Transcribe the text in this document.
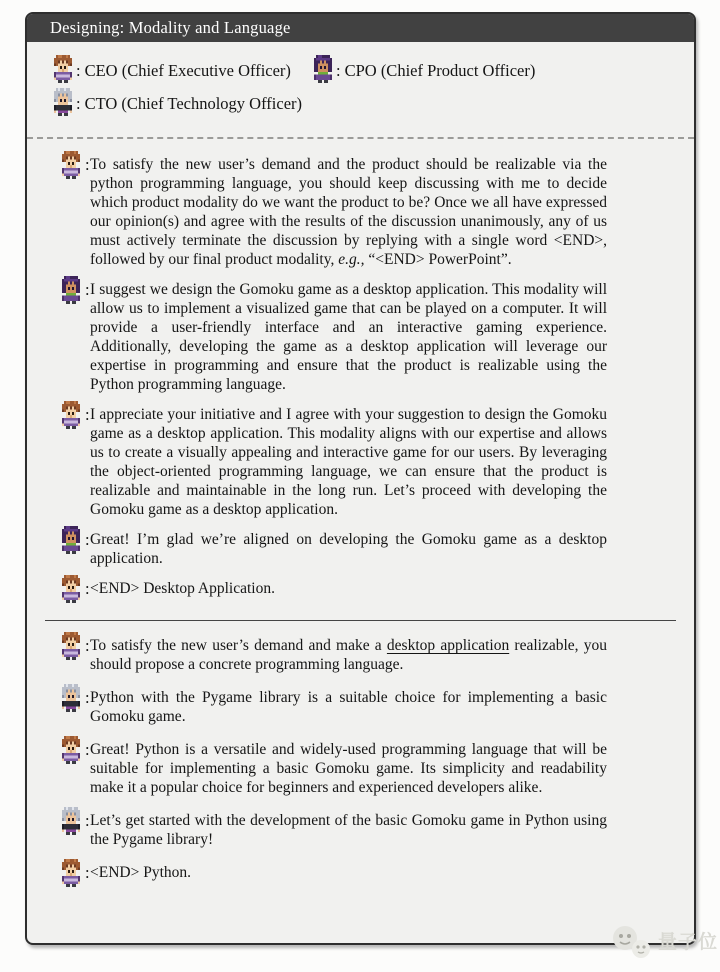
Designing: Modality and Language
: CEO (Chief Executive Officer)	: CPO (Chief Product Officer)
: CTO (Chief Technology Officer)
: To satisfy the new user’s demand and the product should be realizable via the python programming language, you should keep discussing with me to decide which product modality do we want the product to be? Once we all have expressed our opinion(s) and agree with the results of the discussion unanimously, any of us must actively terminate the discussion by replying with a single word <END>, followed by our final product modality, e.g., “<END> PowerPoint”.
: I suggest we design the Gomoku game as a desktop application. This modality will allow us to implement a visualized game that can be played on a computer. It will provide a user-friendly interface and an interactive gaming experience. Additionally, developing the game as a desktop application will leverage our expertise in programming and ensure that the product is realizable using the Python programming language.
: I appreciate your initiative and I agree with your suggestion to design the Gomoku game as a desktop application. This modality aligns with our expertise and allows us to create a visually appealing and interactive game for our users. By leveraging the object-oriented programming language, we can ensure that the product is realizable and maintainable in the long run. Let’s proceed with developing the Gomoku game as a desktop application.
: Great! I’m glad we’re aligned on developing the Gomoku game as a desktop application.
: <END> Desktop Application.
: To satisfy the new user’s demand and make a desktop application realizable, you should propose a concrete programming language.
: Python with the Pygame library is a suitable choice for implementing a basic Gomoku game.
: Great! Python is a versatile and widely-used programming language that will be suitable for implementing a basic Gomoku game. Its simplicity and readability make it a popular choice for beginners and experienced developers alike.
: Let’s get started with the development of the basic Gomoku game in Python using the Pygame library!
: <END> Python.
量子位
